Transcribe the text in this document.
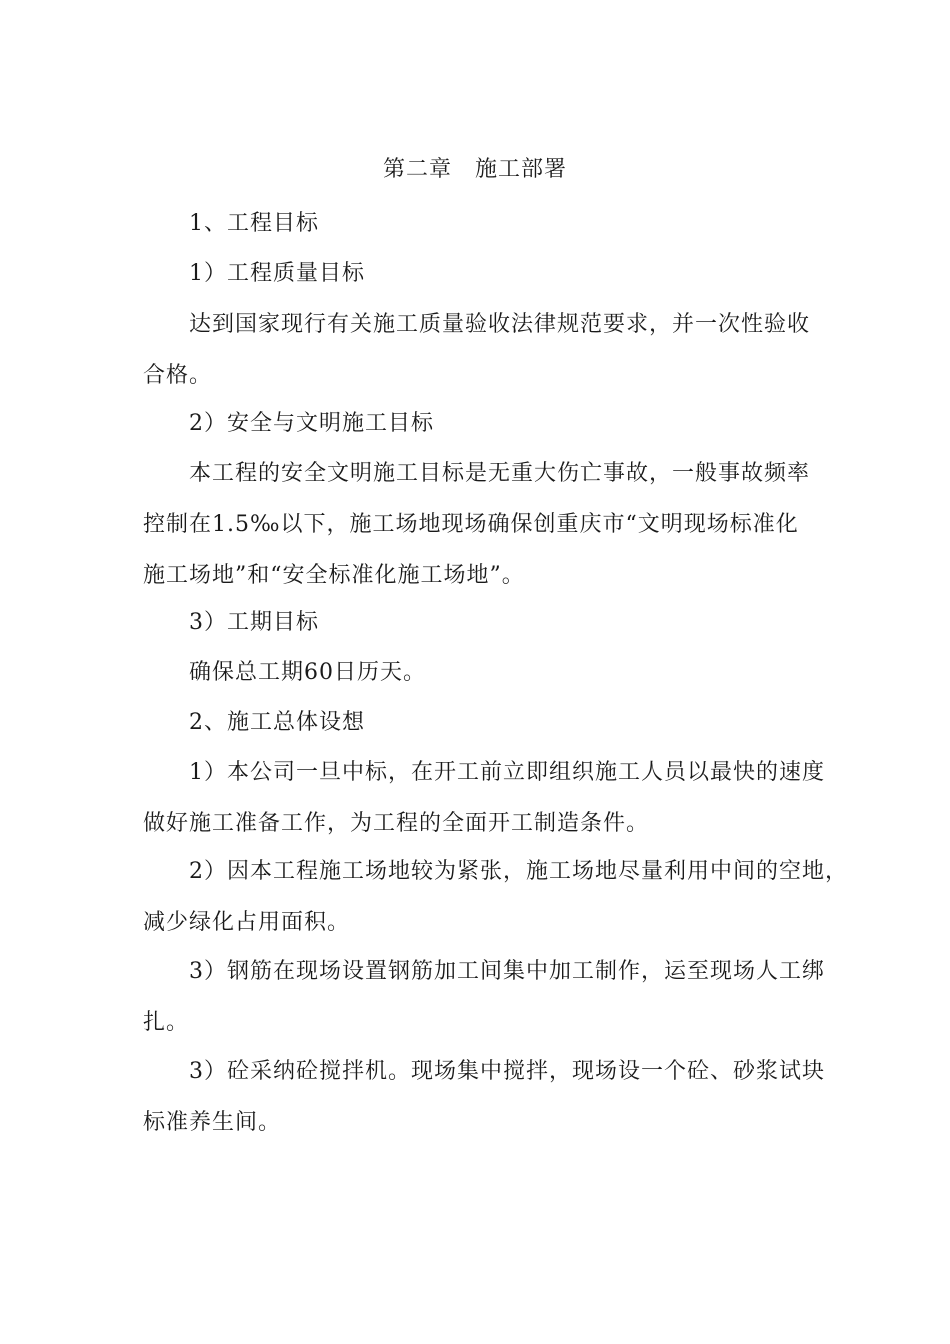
第二章　施工部署
1、工程目标
1）工程质量目标
达到国家现行有关施工质量验收法律规范要求，并一次性验收
合格。
2）安全与文明施工目标
本工程的安全文明施工目标是无重大伤亡事故，一般事故频率
控制在1.5‰以下，施工场地现场确保创重庆市“文明现场标准化
施工场地”和“安全标准化施工场地”。
3）工期目标
确保总工期60日历天。
2、施工总体设想
1）本公司一旦中标，在开工前立即组织施工人员以最快的速度
做好施工准备工作，为工程的全面开工制造条件。
2）因本工程施工场地较为紧张，施工场地尽量利用中间的空地，
减少绿化占用面积。
3）钢筋在现场设置钢筋加工间集中加工制作，运至现场人工绑
扎。
3）砼采纳砼搅拌机。现场集中搅拌，现场设一个砼、砂浆试块
标准养生间。
